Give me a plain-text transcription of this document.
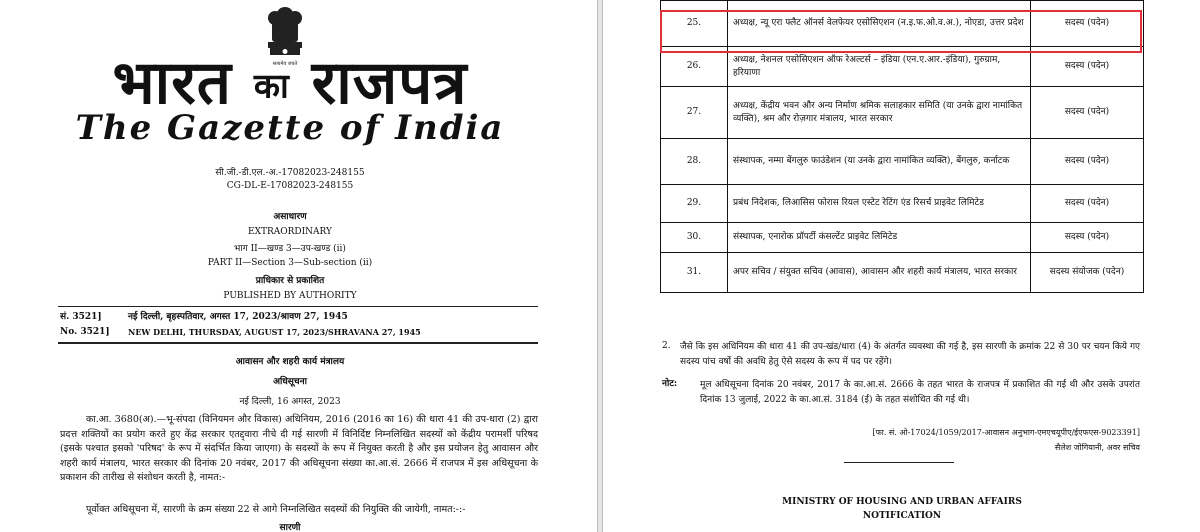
सत्यमेव जयते
भारत का राजपत्र
The Gazette of India
सी.जी.-डी.एल.-अ.-17082023-248155
CG-DL-E-17082023-248155
असाधारण
EXTRAORDINARY
भाग II—खण्ड 3—उप-खण्ड (ii)
PART II—Section 3—Sub-section (ii)
प्राधिकार से प्रकाशित
PUBLISHED BY AUTHORITY
सं. 3521]	नई दिल्ली, बृहस्पतिवार, अगस्त 17, 2023/श्रावण 27, 1945
No. 3521] NEW DELHI, THURSDAY, AUGUST 17, 2023/SHRAVANA 27, 1945
आवासन और शहरी कार्य मंत्रालय
अधिसूचना
नई दिल्ली, 16 अगस्त, 2023
का.आ. 3680(अ).—भू-संपदा (विनियमन और विकास) अधिनियम, 2016 (2016 का 16) की धारा 41 की उप-धारा (2) द्वारा प्रदत्त शक्तियों का प्रयोग करते हुए केंद्र सरकार एतद्द्वारा नीचे दी गई सारणी में विनिर्दिष्ट निम्नलिखित सदस्यों को केंद्रीय परामर्शी परिषद (इसके पश्चात इसको 'परिषद' के रूप में संदर्भित किया जाएगा) के सदस्यों के रूप में नियुक्त करती है और इस प्रयोजन हेतु आवासन और शहरी कार्य मंत्रालय, भारत सरकार की दिनांक 20 नवंबर, 2017 की अधिसूचना संख्या का.आ.सं. 2666 में राजपत्र में इस अधिसूचना के प्रकाशन की तारीख से संशोधन करती है, नामत:-
पूर्वोक्त अधिसूचना में, सारणी के क्रम संख्या 22 से आगे निम्नलिखित सदस्यों की नियुक्ति की जायेगी, नामत:-:-
सारणी
25.	अध्यक्ष, न्यू एरा फ्लैट ऑनर्स वेलफेयर एसोसिएशन (न.इ.फ.ओ.व.अ.), नोएडा, उत्तर प्रदेश	सदस्य (पदेन)
26.	अध्यक्ष, नेशनल एसोसिएशन ऑफ रेअल्टर्स – इंडिया (एन.ए.आर.-इंडिया), गुरुग्राम, हरियाणा	सदस्य (पदेन)
27.	अध्यक्ष, केंद्रीय भवन और अन्य निर्माण श्रमिक सलाहकार समिति (या उनके द्वारा नामांकित व्यक्ति), श्रम और रोज़गार मंत्रालय, भारत सरकार	सदस्य (पदेन)
28.	संस्थापक, नम्मा बेंगलुरु फाउंडेशन (या उनके द्वारा नामांकित व्यक्ति), बेंगलुरु, कर्नाटक	सदस्य (पदेन)
29.	प्रबंध निदेशक, लिआसिस फोरास रियल एस्टेट रेटिंग एंड रिसर्च प्राइवेट लिमिटेड	सदस्य (पदेन)
30.	संस्थापक, एनारोक प्रॉपर्टी कंसल्टेंट प्राइवेट लिमिटेड	सदस्य (पदेन)
31.	अपर सचिव / संयुक्त सचिव (आवास), आवासन और शहरी कार्य मंत्रालय, भारत सरकार	सदस्य संयोजक (पदेन)
2. जैसे कि इस अधिनियम की धारा 41 की उप-खंड/धारा (4) के अंतर्गत व्यवस्था की गई है, इस सारणी के क्रमांक 22 से 30 पर चयन किये गए सदस्य पांच वर्षो की अवधि हेतु ऐसे सदस्य के रूप में पद पर रहेंगे।
नोट:	मूल अधिसूचना दिनांक 20 नवंबर, 2017 के का.आ.सं. 2666 के तहत भारत के राजपत्र में प्रकाशित की गई थी और उसके उपरांत दिनांक 13 जुलाई, 2022 के का.आ.सं. 3184 (ई) के तहत संशोधित की गई थी।
[फा. सं. ओ-17024/1059/2017-आवासन अनुभाग-एमएचयूपीए/ईएफएस-9023391]
सैलेश जोगियानी, अवर सचिव
MINISTRY OF HOUSING AND URBAN AFFAIRS
NOTIFICATION
